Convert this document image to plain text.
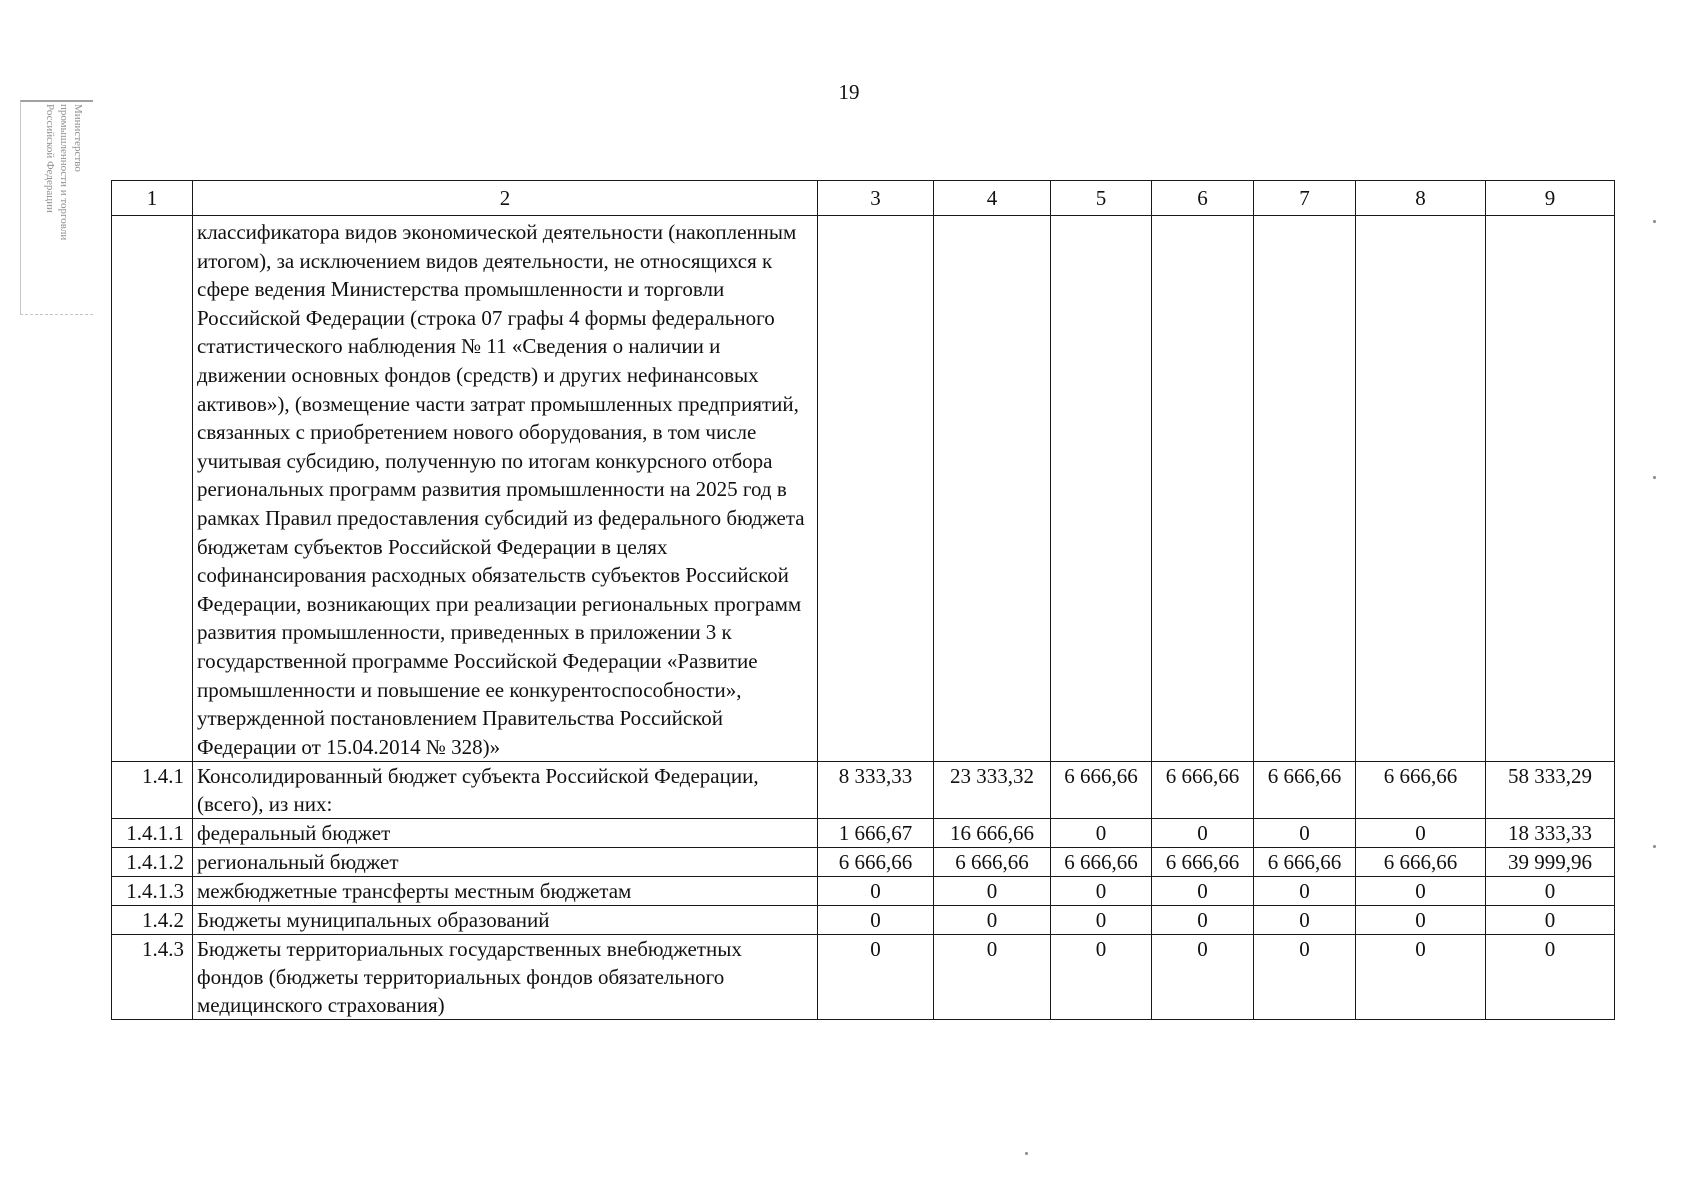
19
Министерство
промышленности и торговли
Российской Федерации	1	2	3	4	5	6	7	8	9
	классификатора видов экономической деятельности (накопленным итогом), за исключением видов деятельности, не относящихся к сфере ведения Министерства промышленности и торговли Российской Федерации (строка 07 графы 4 формы федерального статистического наблюдения № 11 «Сведения о наличии и движении основных фондов (средств) и других нефинансовых активов»), (возмещение части затрат промышленных предприятий, связанных с приобретением нового оборудования, в том числе учитывая субсидию, полученную по итогам конкурсного отбора региональных программ развития промышленности на 2025 год в рамках Правил предоставления субсидий из федерального бюджета бюджетам субъектов Российской Федерации в целях софинансирования расходных обязательств субъектов Российской Федерации, возникающих при реализации региональных программ развития промышленности, приведенных в приложении 3 к государственной программе Российской Федерации «Развитие промышленности и повышение ее конкурентоспособности», утвержденной постановлением Правительства Российской Федерации от 15.04.2014 № 328)»							
1.4.1	Консолидированный бюджет субъекта Российской Федерации, (всего), из них:	8 333,33	23 333,32	6 666,66	6 666,66	6 666,66	6 666,66	58 333,29
1.4.1.1	федеральный бюджет	1 666,67	16 666,66	0	0	0	0	18 333,33
1.4.1.2	региональный бюджет	6 666,66	6 666,66	6 666,66	6 666,66	6 666,66	6 666,66	39 999,96
1.4.1.3	межбюджетные трансферты местным бюджетам	0	0	0	0	0	0	0
1.4.2	Бюджеты муниципальных образований	0	0	0	0	0	0	0
1.4.3	Бюджеты территориальных государственных внебюджетных фондов (бюджеты территориальных фондов обязательного медицинского страхования)	0	0	0	0	0	0	0
